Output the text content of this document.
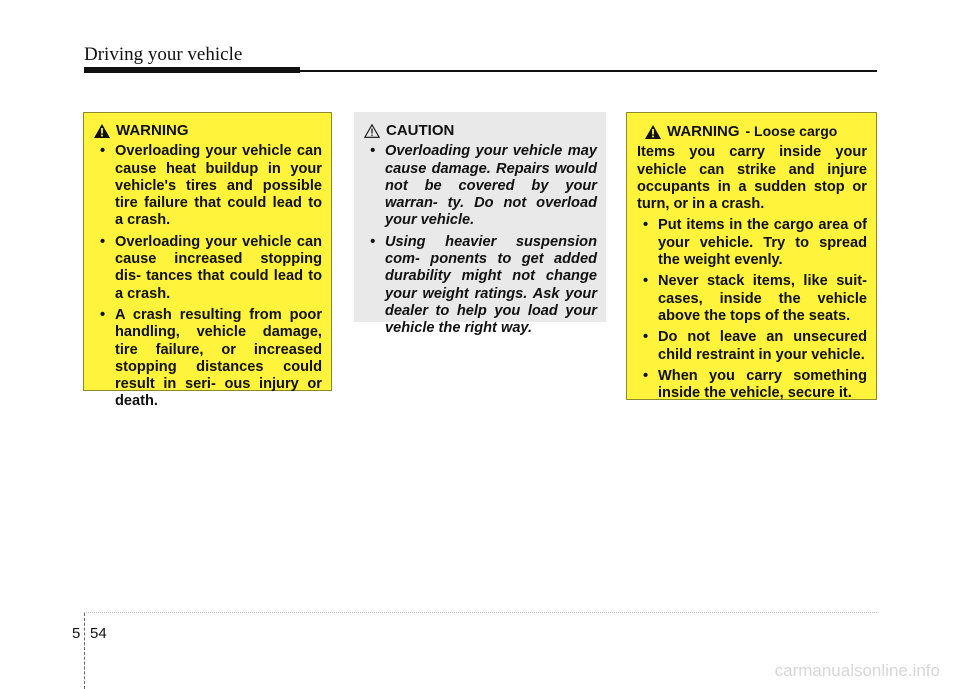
Driving your vehicle
WARNING
• Overloading your vehicle can cause heat buildup in your vehicle's tires and possible tire failure that could lead to a crash.
• Overloading your vehicle can cause increased stopping dis- tances that could lead to a crash.
• A crash resulting from poor handling, vehicle damage, tire failure, or increased stopping distances could result in seri- ous injury or death.
CAUTION
• Overloading your vehicle may cause damage. Repairs would not be covered by your warran- ty. Do not overload your vehicle.
• Using heavier suspension com- ponents to get added durability might not change your weight ratings. Ask your dealer to help you load your vehicle the right way.
WARNING - Loose cargo
Items you carry inside your vehicle can strike and injure occupants in a sudden stop or turn, or in a crash.
• Put items in the cargo area of your vehicle. Try to spread the weight evenly.
• Never stack items, like suit- cases, inside the vehicle above the tops of the seats.
• Do not leave an unsecured child restraint in your vehicle.
• When you carry something inside the vehicle, secure it.
5 54
carmanualsonline.info
